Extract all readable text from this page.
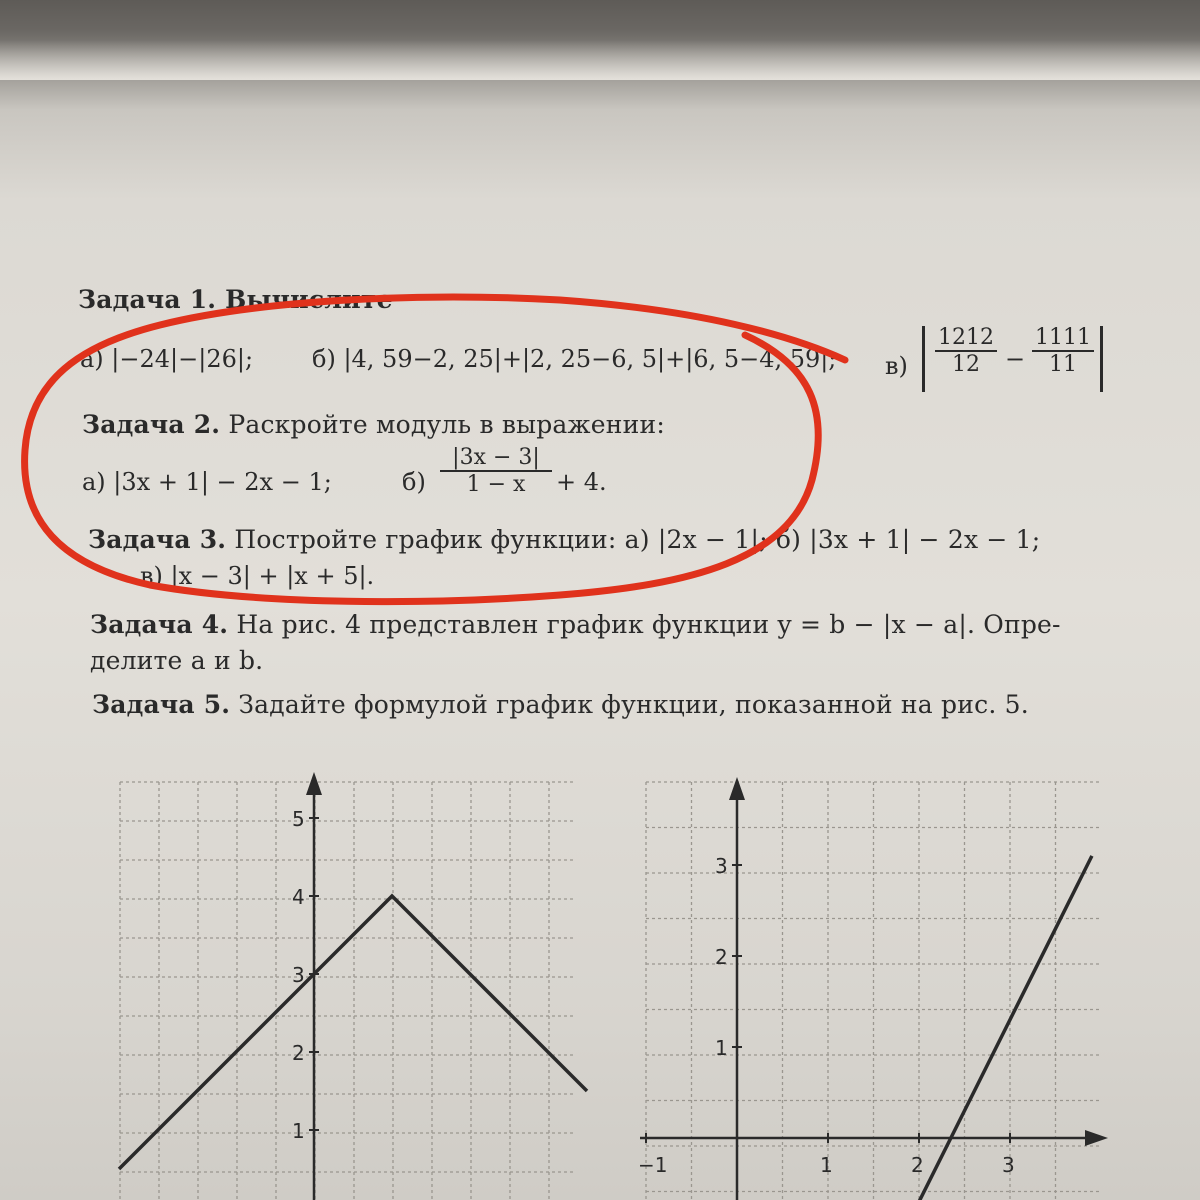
Задача 1. Вычислите
а) |−24|−|26|; б) |4, 59−2, 25|+|2, 25−6, 5|+|6, 5−4, 59|; $в) \frac{1212}{12} - \frac{1111}{11}$
Задача 2. Раскройте модуль в выражении:
а) |3x + 1| − 2x − 1;	$б) \frac{|3x - 3|}{1 - x} + 4$.
Задача 3. Постройте график функции: а) |2x − 1|; б) |3x + 1| − 2x − 1;
в) |x − 3| + |x + 5|.
Задача 4. На рис. 4 представлен график функции y = b − |x − a|. Опре-
делите a и b.
Задача 5. Задайте формулой график функции, показанной на рис. 5.
1
2
3
4
5
1
2
3
−1	1	2	3
